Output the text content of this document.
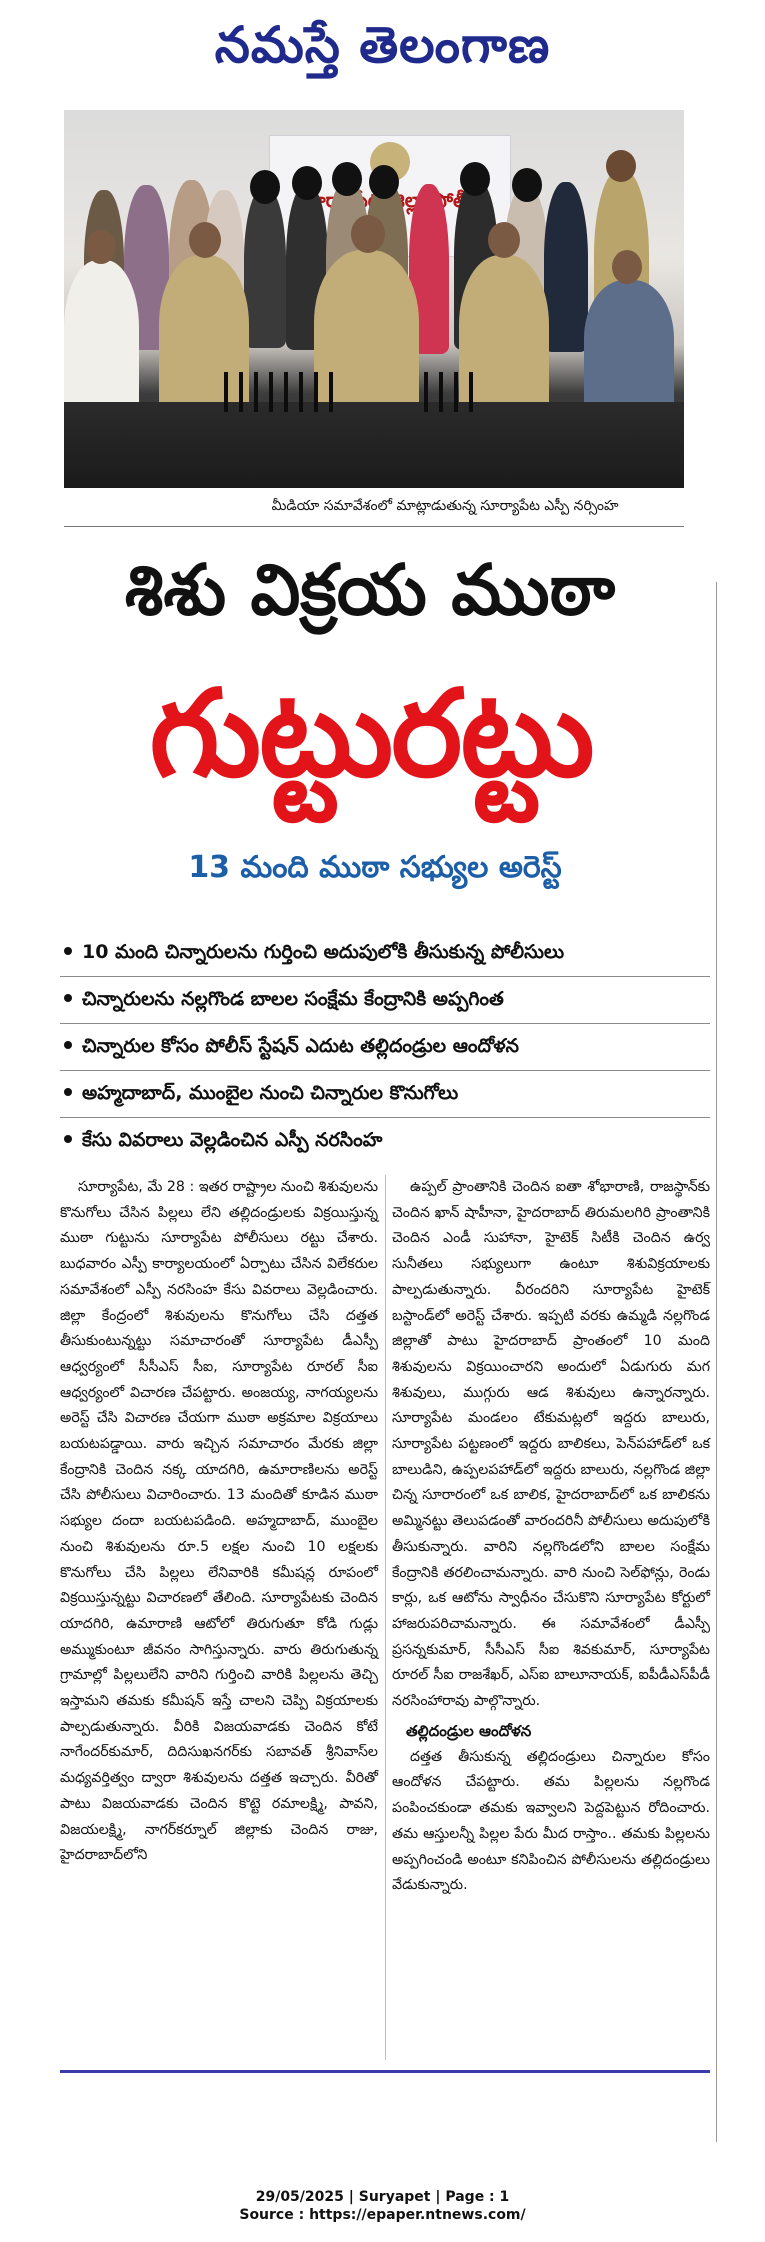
నమస్తే తెలంగాణ
జిల్లా పోలీస్
మీడియా సమావేశంలో మాట్లాడుతున్న సూర్యాపేట ఎస్పీ నర్సింహ
శిశు విక్రయ ముఠా
గుట్టురట్టు
13 మంది ముఠా సభ్యుల అరెస్ట్
10 మంది చిన్నారులను గుర్తించి అదుపులోకి తీసుకున్న పోలీసులు
చిన్నారులను నల్లగొండ బాలల సంక్షేమ కేంద్రానికి అప్పగింత
చిన్నారుల కోసం పోలీస్ స్టేషన్ ఎదుట తల్లిదండ్రుల ఆందోళన
అహ్మదాబాద్, ముంబైల నుంచి చిన్నారుల కొనుగోలు
కేసు వివరాలు వెల్లడించిన ఎస్పీ నరసింహ

సూర్యాపేట, మే 28 : ఇతర రాష్ట్రాల నుంచి శిశువులను కొనుగోలు చేసిన పిల్లలు లేని తల్లిదండ్రులకు విక్రయిస్తున్న ముఠా గుట్టును సూర్యాపేట పోలీసులు రట్టు చేశారు. బుధవారం ఎస్పీ కార్యాలయంలో ఏర్పాటు చేసిన విలేకరుల సమావేశంలో ఎస్పీ నరసింహ కేసు వివరాలు వెల్లడించారు. జిల్లా కేంద్రంలో శిశువులను కొనుగోలు చేసి దత్తత తీసుకుంటున్నట్టు సమాచారంతో సూర్యాపేట డీఎస్పీ ఆధ్వర్యంలో సీసీఎస్ సీఐ, సూర్యాపేట రూరల్ సీఐ ఆధ్వర్యంలో విచారణ చేపట్టారు. అంజయ్య, నాగయ్యలను అరెస్ట్ చేసి విచారణ చేయగా ముఠా అక్రమాల విక్రయాలు బయటపడ్డాయి. వారు ఇచ్చిన సమాచారం మేరకు జిల్లా కేంద్రానికి చెందిన నక్క యాదగిరి, ఉమారాణిలను అరెస్ట్ చేసి పోలీసులు విచారించారు. 13 మందితో కూడిన ముఠా సభ్యుల దందా బయటపడింది. అహ్మదాబాద్, ముంబైల నుంచి శిశువులను రూ.5 లక్షల నుంచి 10 లక్షలకు కొనుగోలు చేసి పిల్లలు లేనివారికి కమీషన్ల రూపంలో విక్రయిస్తున్నట్టు విచారణలో తేలింది. సూర్యాపేటకు చెందిన యాదగిరి, ఉమారాణి ఆటోలో తిరుగుతూ కోడి గుడ్లు అమ్ముకుంటూ జీవనం సాగిస్తున్నారు. వారు తిరుగుతున్న గ్రామాల్లో పిల్లలులేని వారిని గుర్తించి వారికి పిల్లలను తెచ్చి ఇస్తామని తమకు కమీషన్ ఇస్తే చాలని చెప్పి విక్రయాలకు పాల్పడుతున్నారు. వీరికి విజయవాడకు చెందిన కోటే నాగేందర్‌కుమార్, దిదిసుఖనగర్‌కు సబావత్ శ్రీనివాస్‌ల మధ్యవర్తిత్వం ద్వారా శిశువులను దత్తత ఇచ్చారు. వీరితో పాటు విజయవాడకు చెందిన కొట్టె రమాలక్ష్మి, పావని, విజయలక్ష్మి, నాగర్‌కర్నూల్ జిల్లాకు చెందిన రాజు, హైదరాబాద్‌లోని

ఉప్పల్ ప్రాంతానికి చెందిన ఐతా శోభారాణి, రాజస్థాన్‌కు చెందిన ఖాన్ షాహీనా, హైదరాబాద్ తిరుమలగిరి ప్రాంతానికి చెందిన ఎండీ సుహానా, హైటెక్ సిటీకి చెందిన ఉర్వ సునీతలు సభ్యులుగా ఉంటూ శిశువిక్రయాలకు పాల్పడుతున్నారు. వీరందరిని సూర్యాపేట హైటెక్ బస్టాండ్‌లో అరెస్ట్ చేశారు. ఇప్పటి వరకు ఉమ్మడి నల్లగొండ జిల్లాతో పాటు హైదరాబాద్ ప్రాంతంలో 10 మంది శిశువులను విక్రయించారని అందులో ఏడుగురు మగ శిశువులు, ముగ్గురు ఆడ శిశువులు ఉన్నారన్నారు. సూర్యాపేట మండలం టేకుమట్లలో ఇద్దరు బాలురు, సూర్యాపేట పట్టణంలో ఇద్దరు బాలికలు, పెన్‌పహాడ్‌లో ఒక బాలుడిని, ఉప్పలపహాడ్‌లో ఇద్దరు బాలురు, నల్లగొండ జిల్లా చిన్న సూరారంలో ఒక బాలిక, హైదరాబాద్‌లో ఒక బాలికను అమ్మినట్టు తెలుపడంతో వారందరినీ పోలీసులు అదుపులోకి తీసుకున్నారు. వారిని నల్లగొండలోని బాలల సంక్షేమ కేంద్రానికి తరలించామన్నారు. వారి నుంచి సెల్‌ఫోన్లు, రెండు కార్లు, ఒక ఆటోను స్వాధీనం చేసుకొని సూర్యాపేట కోర్టులో హాజరుపరిచామన్నారు. ఈ సమావేశంలో డీఎస్పీ ప్రసన్నకుమార్, సీసీఎస్ సీఐ శివకుమార్, సూర్యాపేట రూరల్ సీఐ రాజశేఖర్, ఎస్ఐ బాలూనాయక్, ఐపీడీఎస్‌పీడీ నరసింహారావు పాల్గొన్నారు.

తల్లిదండ్రుల ఆందోళన

దత్తత తీసుకున్న తల్లిదండ్రులు చిన్నారుల కోసం ఆందోళన చేపట్టారు. తమ పిల్లలను నల్లగొండ పంపించకుండా తమకు ఇవ్వాలని పెద్దపెట్టున రోదించారు. తమ ఆస్తులన్నీ పిల్లల పేరు మీద రాస్తాం.. తమకు పిల్లలను అప్పగించండి అంటూ కనిపించిన పోలీసులను తల్లిదండ్రులు వేడుకున్నారు.

29/05/2025 | Suryapet | Page : 1
Source : https://epaper.ntnews.com/
